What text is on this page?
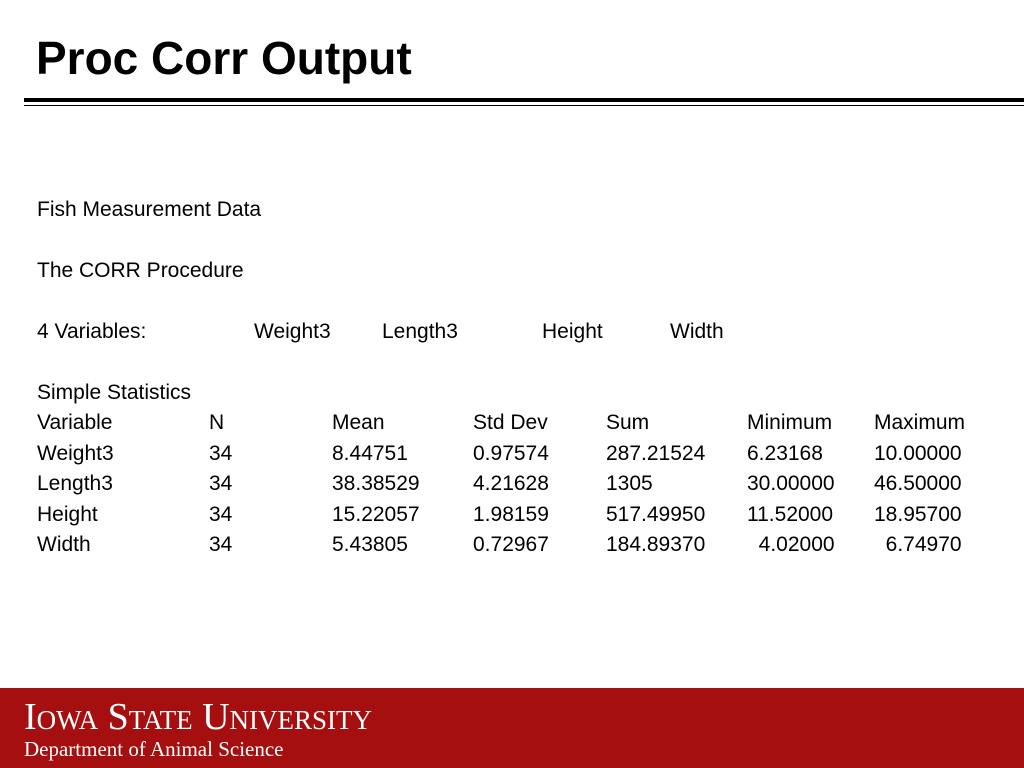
Proc Corr Output
Fish Measurement Data
The CORR Procedure
4 Variables:	Weight3 Length3	Height	Width
Simple Statistics
Variable	N	Mean	Std Dev	Sum	Minimum	Maximum
Weight3	34	8.44751	0.97574	287.21524	6.23168	10.00000
Length3	34	38.38529	4.21628	1305	30.00000	46.50000
Height	34	15.22057	1.98159	517.49950	11.52000	18.95700
Width	34	5.43805	0.72967	184.89370	4.02000	6.74970
Iowa State University
Department of Animal Science
